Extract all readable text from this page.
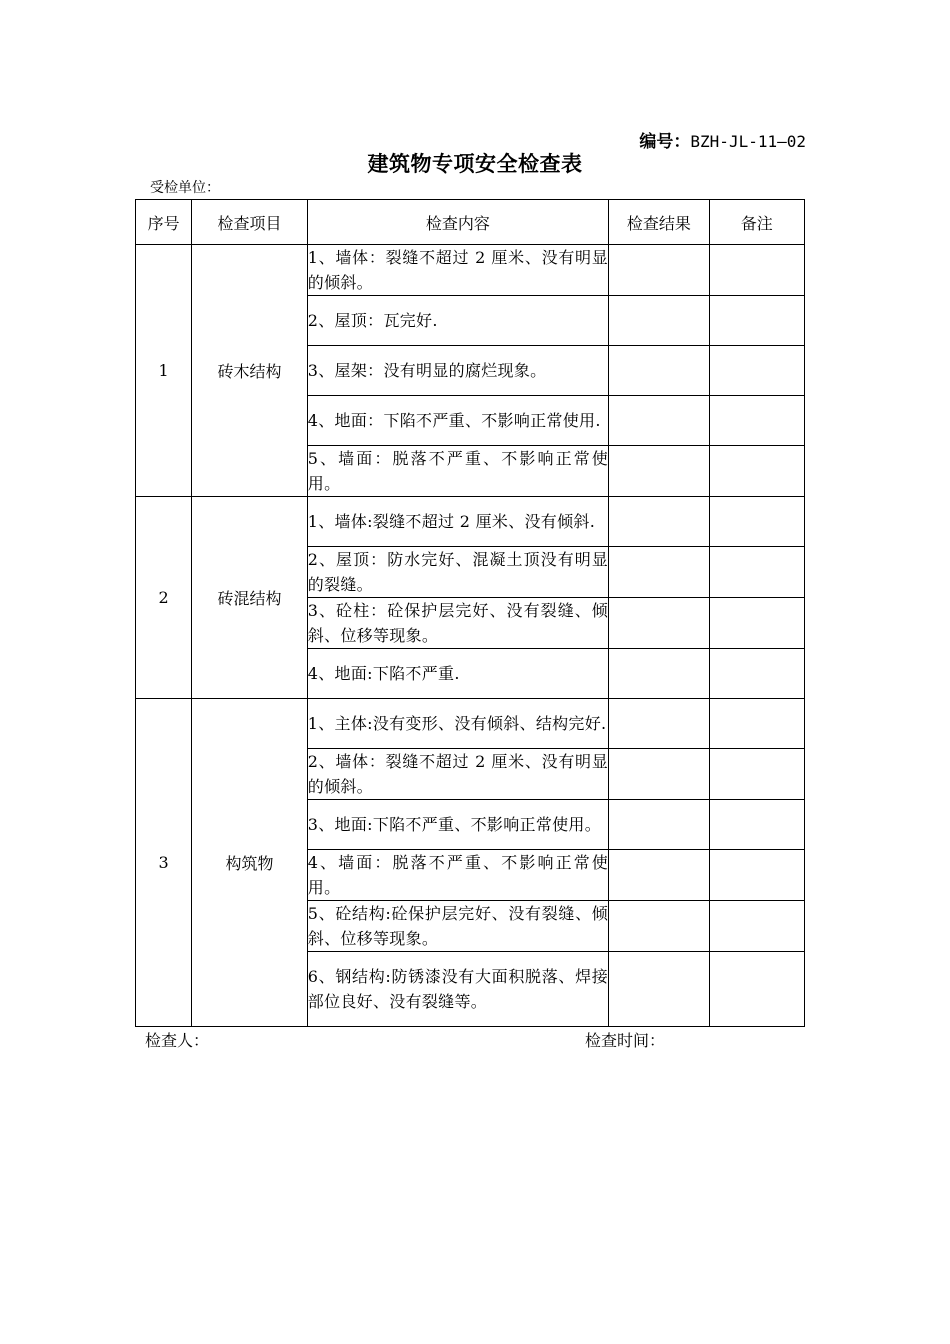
编号：BZH-JL-11—02
建筑物专项安全检查表
受检单位：
序号	检查项目	检查内容	检查结果	备注
1	砖木结构	1、墙体：裂缝不超过 2 厘米、没有明显的倾斜。		
		2、屋顶：瓦完好.		
		3、屋架：没有明显的腐烂现象。		
		4、地面：下陷不严重、不影响正常使用.		
		5、墙面：脱落不严重、不影响正常使用。		
2	砖混结构	1、墙体:裂缝不超过 2 厘米、没有倾斜.		
		2、屋顶：防水完好、混凝土顶没有明显的裂缝。		
		3、砼柱：砼保护层完好、没有裂缝、倾斜、位移等现象。		
		4、地面:下陷不严重.		
3	构筑物	1、主体:没有变形、没有倾斜、结构完好.		
		2、墙体：裂缝不超过 2 厘米、没有明显的倾斜。		
		3、地面:下陷不严重、不影响正常使用。		
		4、墙面：脱落不严重、不影响正常使用。		
		5、砼结构:砼保护层完好、没有裂缝、倾斜、位移等现象。		
		6、钢结构:防锈漆没有大面积脱落、焊接部位良好、没有裂缝等。		
检查人：	检查时间：
